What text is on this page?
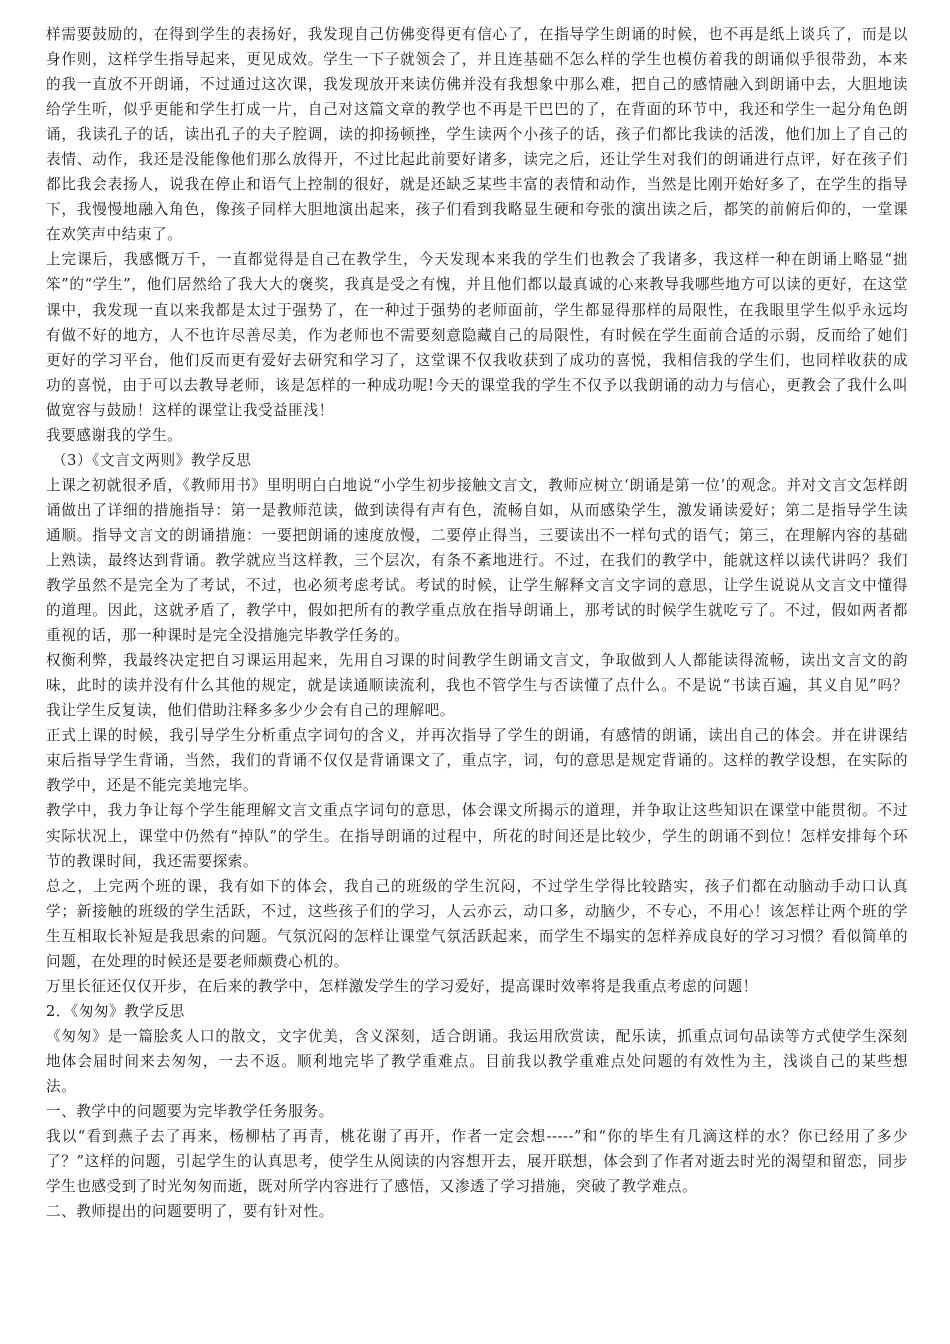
样需要鼓励的，在得到学生的表扬好，我发现自己仿佛变得更有信心了，在指导学生朗诵的时候，也不再是纸上谈兵了，而是以身作则，这样学生指导起来，更见成效。学生一下子就领会了，并且连基础不怎么样的学生也模仿着我的朗诵似乎很带劲，本来的我一直放不开朗诵，不过通过这次课，我发现放开来读仿佛并没有我想象中那么难，把自己的感情融入到朗诵中去，大胆地读给学生听，似乎更能和学生打成一片，自己对这篇文章的教学也不再是干巴巴的了，在背面的环节中，我还和学生一起分角色朗诵，我读孔子的话，读出孔子的夫子腔调，读的抑扬顿挫，学生读两个小孩子的话，孩子们都比我读的活泼，他们加上了自己的表情、动作，我还是没能像他们那么放得开，不过比起此前要好诸多，读完之后，还让学生对我们的朗诵进行点评，好在孩子们都比我会表扬人，说我在停止和语气上控制的很好，就是还缺乏某些丰富的表情和动作，当然是比刚开始好多了，在学生的指导下，我慢慢地融入角色，像孩子同样大胆地演出起来，孩子们看到我略显生硬和夸张的演出读之后，都笑的前俯后仰的，一堂课在欢笑声中结束了。

上完课后，我感慨万千，一直都觉得是自己在教学生，今天发现本来我的学生们也教会了我诸多，我这样一种在朗诵上略显“拙笨”的“学生”，他们居然给了我大大的褒奖，我真是受之有愧，并且他们都以最真诚的心来教导我哪些地方可以读的更好，在这堂课中，我发现一直以来我都是太过于强势了，在一种过于强势的老师面前，学生都显得那样的局限性，在我眼里学生似乎永远均有做不好的地方，人不也许尽善尽美，作为老师也不需要刻意隐藏自己的局限性，有时候在学生面前合适的示弱，反而给了她们更好的学习平台，他们反而更有爱好去研究和学习了，这堂课不仅我收获到了成功的喜悦，我相信我的学生们，也同样收获的成功的喜悦，由于可以去教导老师，该是怎样的一种成功呢!今天的课堂我的学生不仅予以我朗诵的动力与信心，更教会了我什么叫做宽容与鼓励！这样的课堂让我受益匪浅！

我要感谢我的学生。

（3）《文言文两则》教学反思

上课之初就很矛盾，《教师用书》里明明白白地说“小学生初步接触文言文，教师应树立‘朗诵是第一位’的观念。并对文言文怎样朗诵做出了详细的措施指导：第一是教师范读，做到读得有声有色，流畅自如，从而感染学生，激发诵读爱好；第二是指导学生读通顺。指导文言文的朗诵措施：一要把朗诵的速度放慢，二要停止得当，三要读出不一样句式的语气；第三，在理解内容的基础上熟读，最终达到背诵。教学就应当这样教，三个层次，有条不紊地进行。不过，在我们的教学中，能就这样以读代讲吗？我们教学虽然不是完全为了考试，不过，也必须考虑考试。考试的时候，让学生解释文言文字词的意思，让学生说说从文言文中懂得的道理。因此，这就矛盾了，教学中，假如把所有的教学重点放在指导朗诵上，那考试的时候学生就吃亏了。不过，假如两者都重视的话，那一种课时是完全没措施完毕教学任务的。

权衡利弊，我最终决定把自习课运用起来，先用自习课的时间教学生朗诵文言文，争取做到人人都能读得流畅，读出文言文的韵味，此时的读并没有什么其他的规定，就是读通顺读流利，我也不管学生与否读懂了点什么。不是说“书读百遍，其义自见”吗？我让学生反复读，他们借助注释多多少少会有自己的理解吧。

正式上课的时候，我引导学生分析重点字词句的含义，并再次指导了学生的朗诵，有感情的朗诵，读出自己的体会。并在讲课结束后指导学生背诵，当然，我们的背诵不仅仅是背诵课文了，重点字，词，句的意思是规定背诵的。这样的教学设想，在实际的教学中，还是不能完美地完毕。

教学中，我力争让每个学生能理解文言文重点字词句的意思，体会课文所揭示的道理，并争取让这些知识在课堂中能贯彻。不过实际状况上，课堂中仍然有“掉队”的学生。在指导朗诵的过程中，所花的时间还是比较少，学生的朗诵不到位！怎样安排每个环节的教课时间，我还需要探索。

总之，上完两个班的课，我有如下的体会，我自己的班级的学生沉闷，不过学生学得比较踏实，孩子们都在动脑动手动口认真学；新接触的班级的学生活跃，不过，这些孩子们的学习，人云亦云，动口多，动脑少，不专心，不用心！该怎样让两个班的学生互相取长补短是我思索的问题。气氛沉闷的怎样让课堂气氛活跃起来，而学生不塌实的怎样养成良好的学习习惯？看似简单的问题，在处理的时候还是要老师颇费心机的。

万里长征还仅仅开步，在后来的教学中，怎样激发学生的学习爱好，提高课时效率将是我重点考虑的问题！

2．《匆匆》教学反思

《匆匆》是一篇脍炙人口的散文，文字优美，含义深刻，适合朗诵。我运用欣赏读，配乐读，抓重点词句品读等方式使学生深刻地体会届时间来去匆匆，一去不返。顺利地完毕了教学重难点。目前我以教学重难点处问题的有效性为主，浅谈自己的某些想法。

一、教学中的问题要为完毕教学任务服务。

我以“看到燕子去了再来，杨柳枯了再青，桃花谢了再开，作者一定会想-----”和“你的毕生有几滴这样的水？你已经用了多少了？”这样的问题，引起学生的认真思考，使学生从阅读的内容想开去，展开联想，体会到了作者对逝去时光的渴望和留恋，同步学生也感受到了时光匆匆而逝，既对所学内容进行了感悟，又渗透了学习措施，突破了教学难点。

二、教师提出的问题要明了，要有针对性。
